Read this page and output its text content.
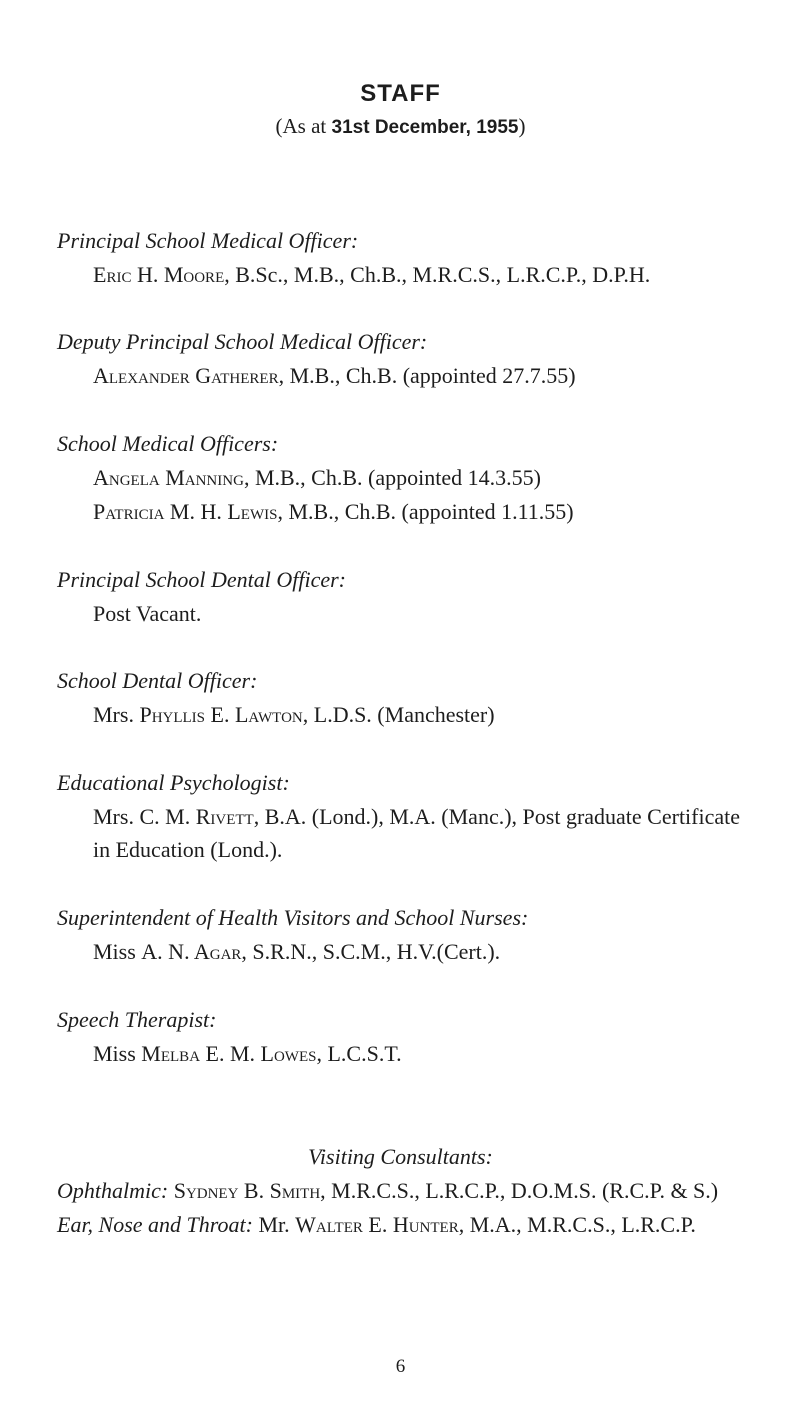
STAFF
(As at 31st December, 1955)
Principal School Medical Officer:
Eric H. Moore, B.Sc., M.B., Ch.B., M.R.C.S., L.R.C.P., D.P.H.
Deputy Principal School Medical Officer:
Alexander Gatherer, M.B., Ch.B. (appointed 27.7.55)
School Medical Officers:
Angela Manning, M.B., Ch.B. (appointed 14.3.55)
Patricia M. H. Lewis, M.B., Ch.B. (appointed 1.11.55)
Principal School Dental Officer:
Post Vacant.
School Dental Officer:
Mrs. Phyllis E. Lawton, L.D.S. (Manchester)
Educational Psychologist:
Mrs. C. M. Rivett, B.A. (Lond.), M.A. (Manc.), Post graduate Certificate
in Education (Lond.).
Superintendent of Health Visitors and School Nurses:
Miss A. N. Agar, S.R.N., S.C.M., H.V.(Cert.).
Speech Therapist:
Miss Melba E. M. Lowes, L.C.S.T.
Visiting Consultants:
Ophthalmic: Sydney B. Smith, M.R.C.S., L.R.C.P., D.O.M.S. (R.C.P. & S.)
Ear, Nose and Throat: Mr. Walter E. Hunter, M.A., M.R.C.S., L.R.C.P.
6
